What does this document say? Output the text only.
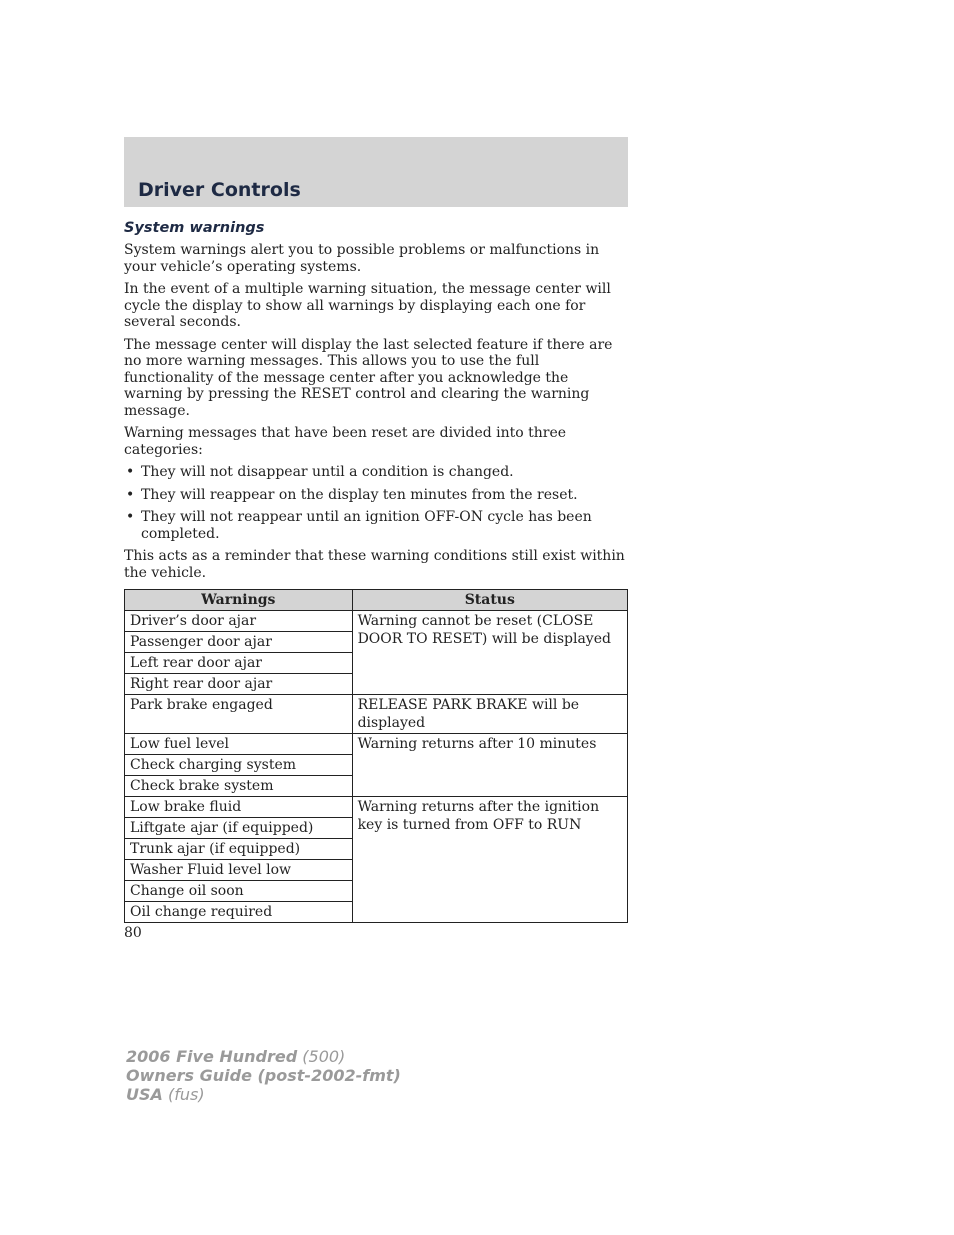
Driver Controls
System warnings

System warnings alert you to possible problems or malfunctions in your vehicle’s operating systems.

In the event of a multiple warning situation, the message center will cycle the display to show all warnings by displaying each one for several seconds.

The message center will display the last selected feature if there are no more warning messages. This allows you to use the full functionality of the message center after you acknowledge the warning by pressing the RESET control and clearing the warning message.

Warning messages that have been reset are divided into three categories:

• They will not disappear until a condition is changed.
• They will reappear on the display ten minutes from the reset.
• They will not reappear until an ignition OFF-ON cycle has been completed.

This acts as a reminder that these warning conditions still exist within the vehicle.

Warnings	Status
Driver’s door ajar	Warning cannot be reset (CLOSE DOOR TO RESET) will be displayed
Passenger door ajar	
Left rear door ajar	
Right rear door ajar	
Park brake engaged	RELEASE PARK BRAKE will be displayed
Low fuel level	Warning returns after 10 minutes
Check charging system	
Check brake system	
Low brake fluid	Warning returns after the ignition key is turned from OFF to RUN
Liftgate ajar (if equipped)	
Trunk ajar (if equipped)	
Washer Fluid level low	
Change oil soon	
Oil change required	
80
2006 Five Hundred (500)
Owners Guide (post-2002-fmt)
USA (fus)
